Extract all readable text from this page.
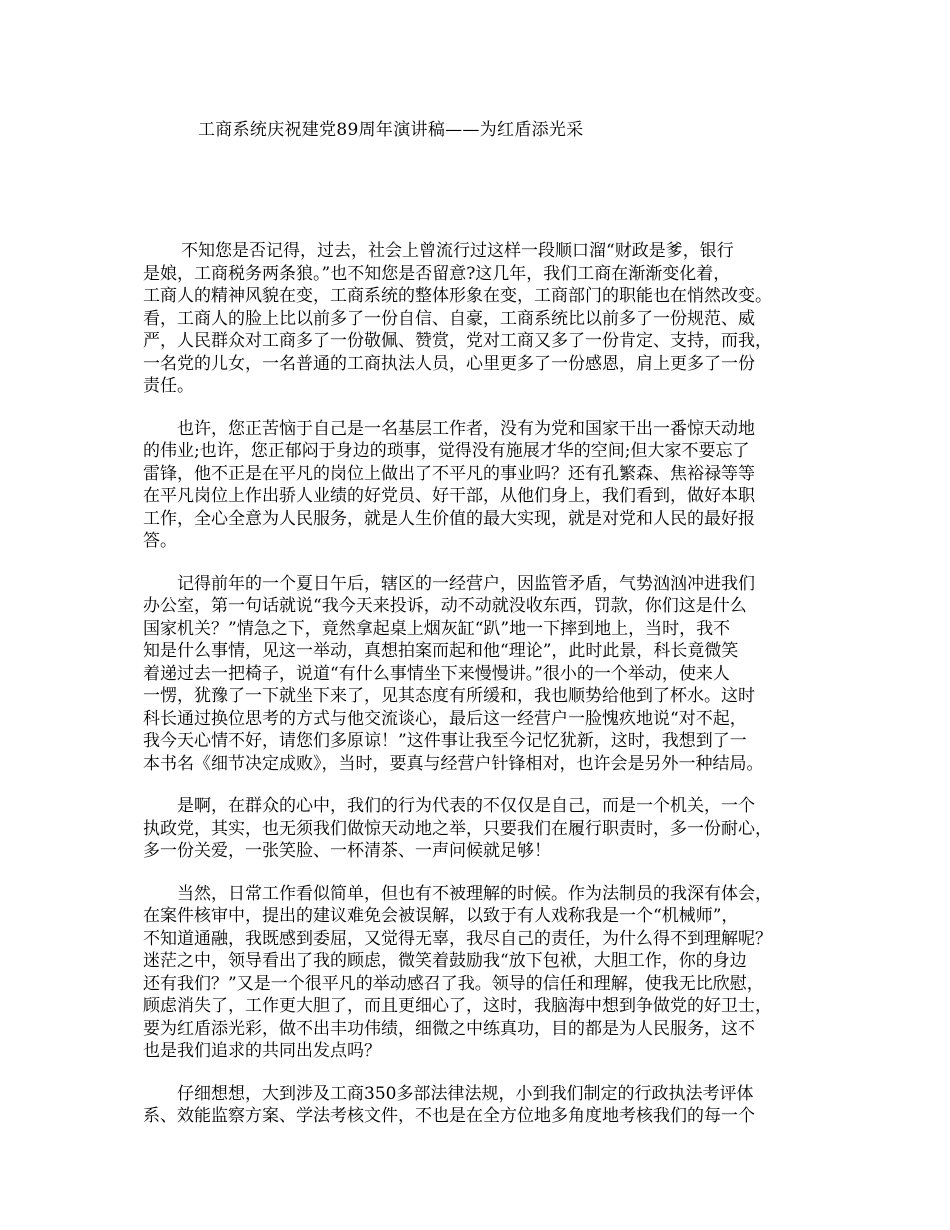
工商系统庆祝建党89周年演讲稿——为红盾添光采

不知您是否记得，过去，社会上曾流行过这样一段顺口溜“财政是爹，银行
是娘，工商税务两条狼。”也不知您是否留意?这几年，我们工商在渐渐变化着，
工商人的精神风貌在变，工商系统的整体形象在变，工商部门的职能也在悄然改变。
看，工商人的脸上比以前多了一份自信、自豪，工商系统比以前多了一份规范、威
严，人民群众对工商多了一份敬佩、赞赏，党对工商又多了一份肯定、支持，而我，
一名党的儿女，一名普通的工商执法人员，心里更多了一份感恩，肩上更多了一份
责任。

也许，您正苦恼于自己是一名基层工作者，没有为党和国家干出一番惊天动地
的伟业;也许，您正郁闷于身边的琐事，觉得没有施展才华的空间;但大家不要忘了
雷锋，他不正是在平凡的岗位上做出了不平凡的事业吗？还有孔繁森、焦裕禄等等
在平凡岗位上作出骄人业绩的好党员、好干部，从他们身上，我们看到，做好本职
工作，全心全意为人民服务，就是人生价值的最大实现，就是对党和人民的最好报
答。

记得前年的一个夏日午后，辖区的一经营户，因监管矛盾，气势汹汹冲进我们
办公室，第一句话就说“我今天来投诉，动不动就没收东西，罚款，你们这是什么
国家机关？”情急之下，竟然拿起桌上烟灰缸“趴”地一下摔到地上，当时，我不
知是什么事情，见这一举动，真想拍案而起和他“理论”，此时此景，科长竟微笑
着递过去一把椅子，说道“有什么事情坐下来慢慢讲。”很小的一个举动，使来人
一愣，犹豫了一下就坐下来了，见其态度有所缓和，我也顺势给他到了杯水。这时
科长通过换位思考的方式与他交流谈心，最后这一经营户一脸愧疚地说“对不起，
我今天心情不好，请您们多原谅！”这件事让我至今记忆犹新，这时，我想到了一
本书名《细节决定成败》，当时，要真与经营户针锋相对，也许会是另外一种结局。

是啊，在群众的心中，我们的行为代表的不仅仅是自己，而是一个机关，一个
执政党，其实，也无须我们做惊天动地之举，只要我们在履行职责时，多一份耐心，
多一份关爱，一张笑脸、一杯清茶、一声问候就足够！

当然，日常工作看似简单，但也有不被理解的时候。作为法制员的我深有体会，
在案件核审中，提出的建议难免会被误解，以致于有人戏称我是一个“机械师”，
不知道通融，我既感到委屈，又觉得无辜，我尽自己的责任，为什么得不到理解呢？
迷茫之中，领导看出了我的顾虑，微笑着鼓励我“放下包袱，大胆工作，你的身边
还有我们？”又是一个很平凡的举动感召了我。领导的信任和理解，使我无比欣慰，
顾虑消失了，工作更大胆了，而且更细心了，这时，我脑海中想到争做党的好卫士，
要为红盾添光彩，做不出丰功伟绩，细微之中练真功，目的都是为人民服务，这不
也是我们追求的共同出发点吗？

仔细想想，大到涉及工商350多部法律法规，小到我们制定的行政执法考评体
系、效能监察方案、学法考核文件，不也是在全方位地多角度地考核我们的每一个
